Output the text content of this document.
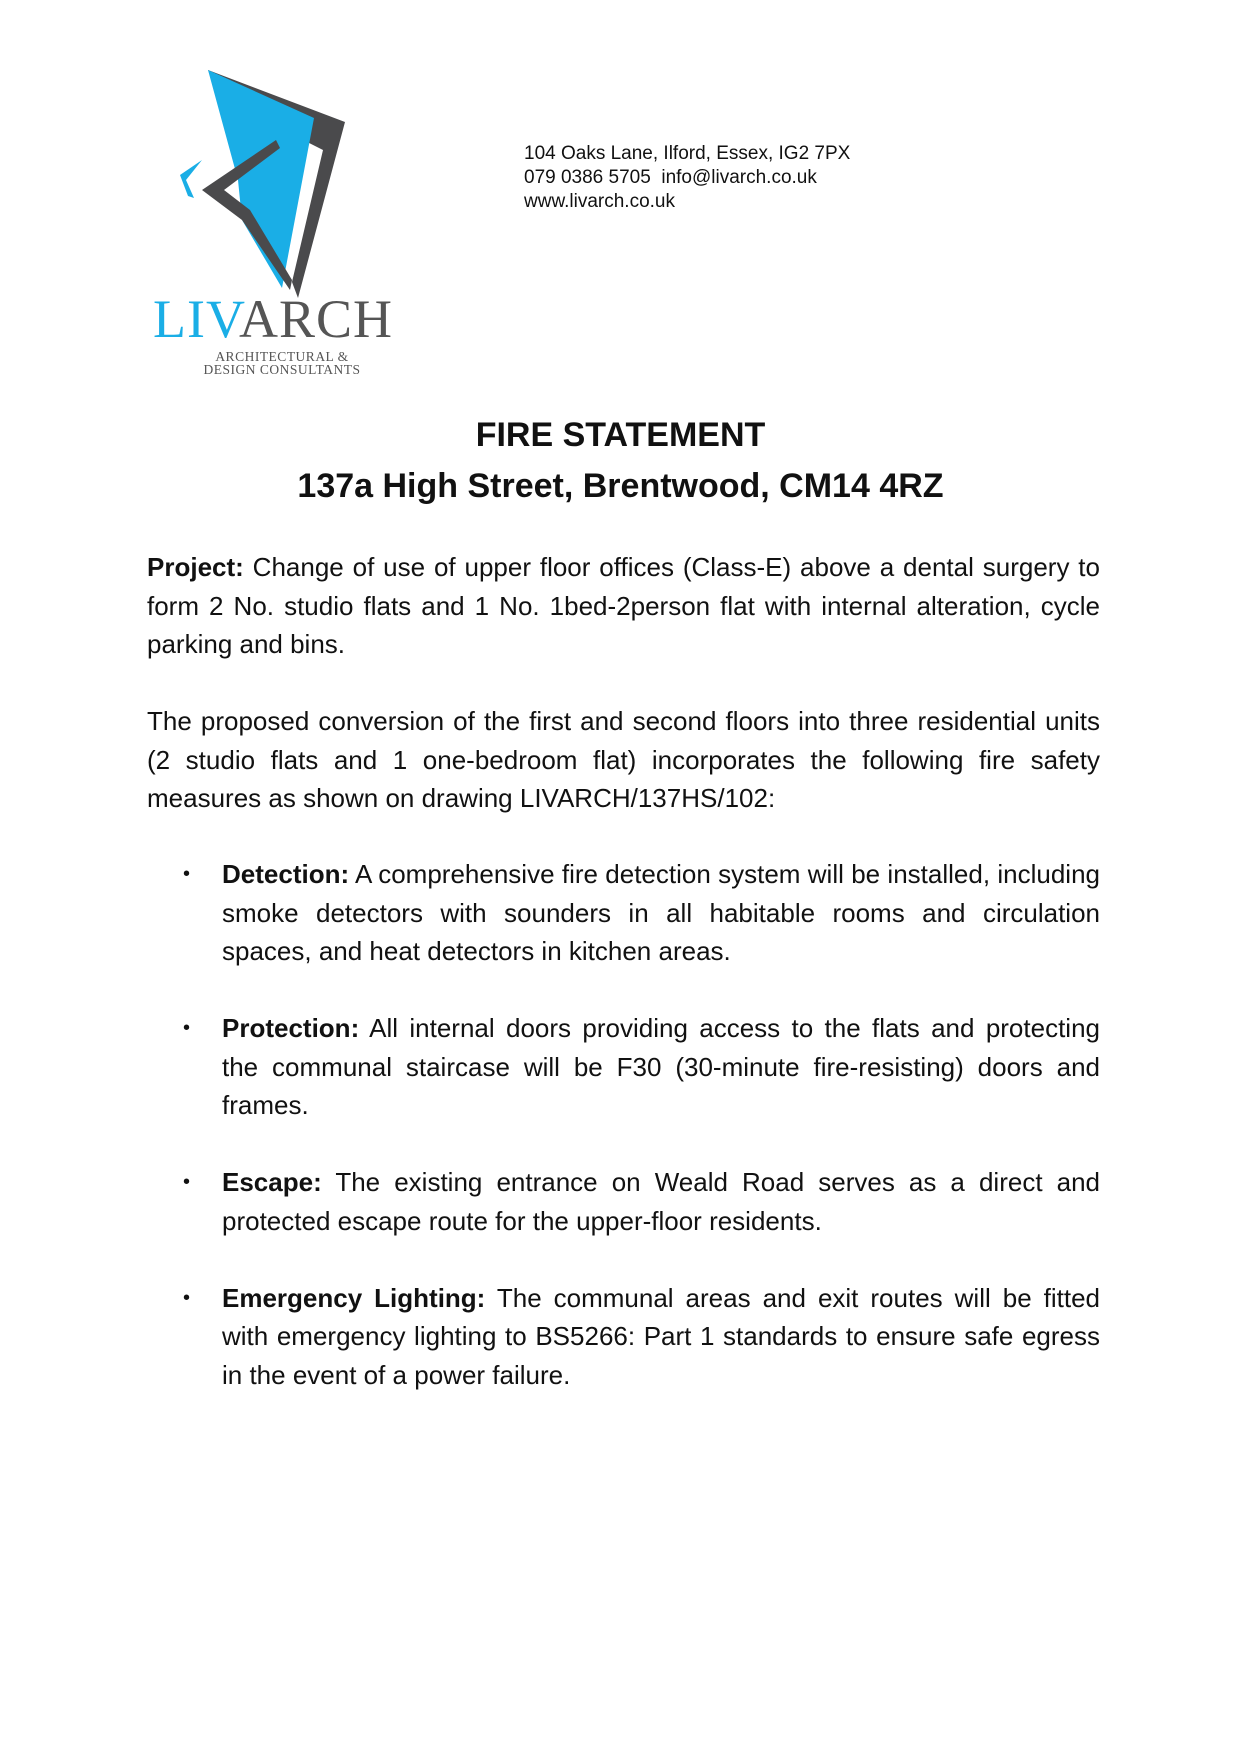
LIVARCH
ARCHITECTURAL &
DESIGN CONSULTANTS
104 Oaks Lane, Ilford, Essex, IG2 7PX
079 0386 5705  info@livarch.co.uk
www.livarch.co.uk
FIRE STATEMENT
137a High Street, Brentwood, CM14 4RZ
Project: Change of use of upper floor offices (Class-E) above a dental surgery to form 2 No. studio flats and 1 No. 1bed-2person flat with internal alteration, cycle parking and bins.
The proposed conversion of the first and second floors into three residential units (2 studio flats and 1 one-bedroom flat) incorporates the following fire safety measures as shown on drawing LIVARCH/137HS/102:
• Detection: A comprehensive fire detection system will be installed, including smoke detectors with sounders in all habitable rooms and circulation spaces, and heat detectors in kitchen areas.
• Protection: All internal doors providing access to the flats and protecting the communal staircase will be F30 (30-minute fire-resisting) doors and frames.
• Escape: The existing entrance on Weald Road serves as a direct and protected escape route for the upper-floor residents.
• Emergency Lighting: The communal areas and exit routes will be fitted with emergency lighting to BS5266: Part 1 standards to ensure safe egress in the event of a power failure.
